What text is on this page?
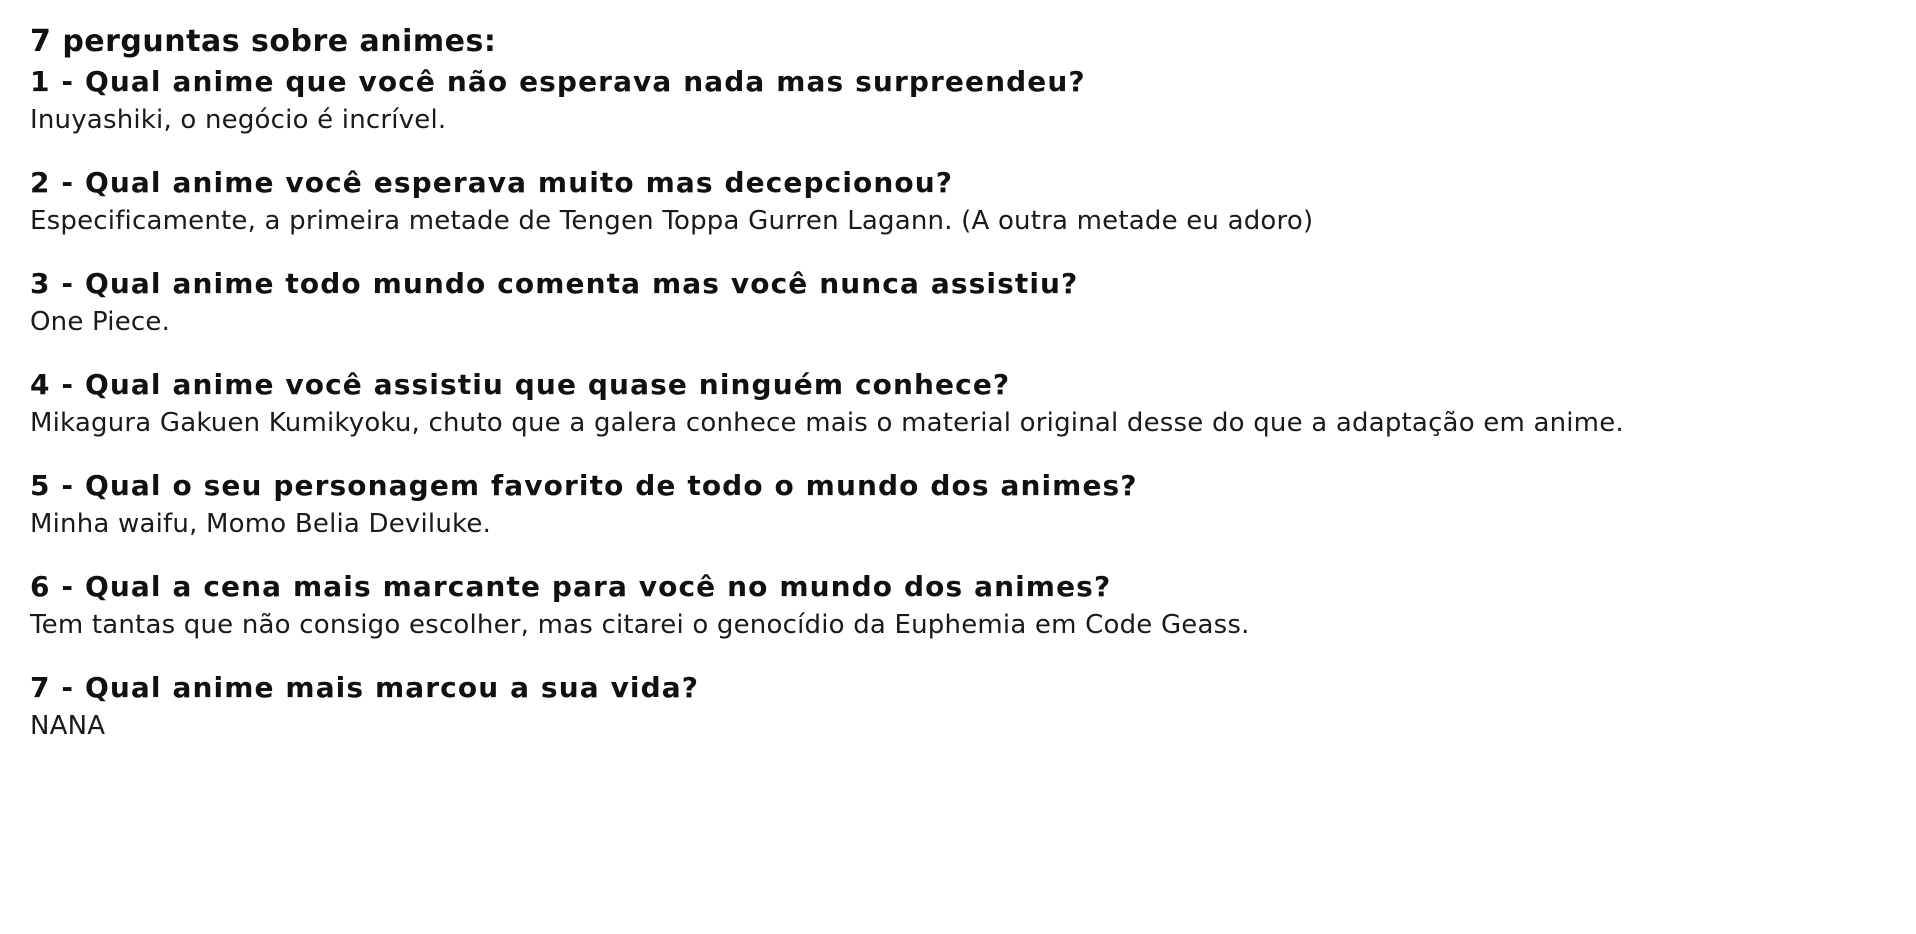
7 perguntas sobre animes:

1 - Qual anime que você não esperava nada mas surpreendeu?

Inuyashiki, o negócio é incrível.

2 - Qual anime você esperava muito mas decepcionou?

Especificamente, a primeira metade de Tengen Toppa Gurren Lagann. (A outra metade eu adoro)

3 - Qual anime todo mundo comenta mas você nunca assistiu?

One Piece.

4 - Qual anime você assistiu que quase ninguém conhece?

Mikagura Gakuen Kumikyoku, chuto que a galera conhece mais o material original desse do que a adaptação em anime.

5 - Qual o seu personagem favorito de todo o mundo dos animes?

Minha waifu, Momo Belia Deviluke.

6 - Qual a cena mais marcante para você no mundo dos animes?

Tem tantas que não consigo escolher, mas citarei o genocídio da Euphemia em Code Geass.

7 - Qual anime mais marcou a sua vida?

NANA
